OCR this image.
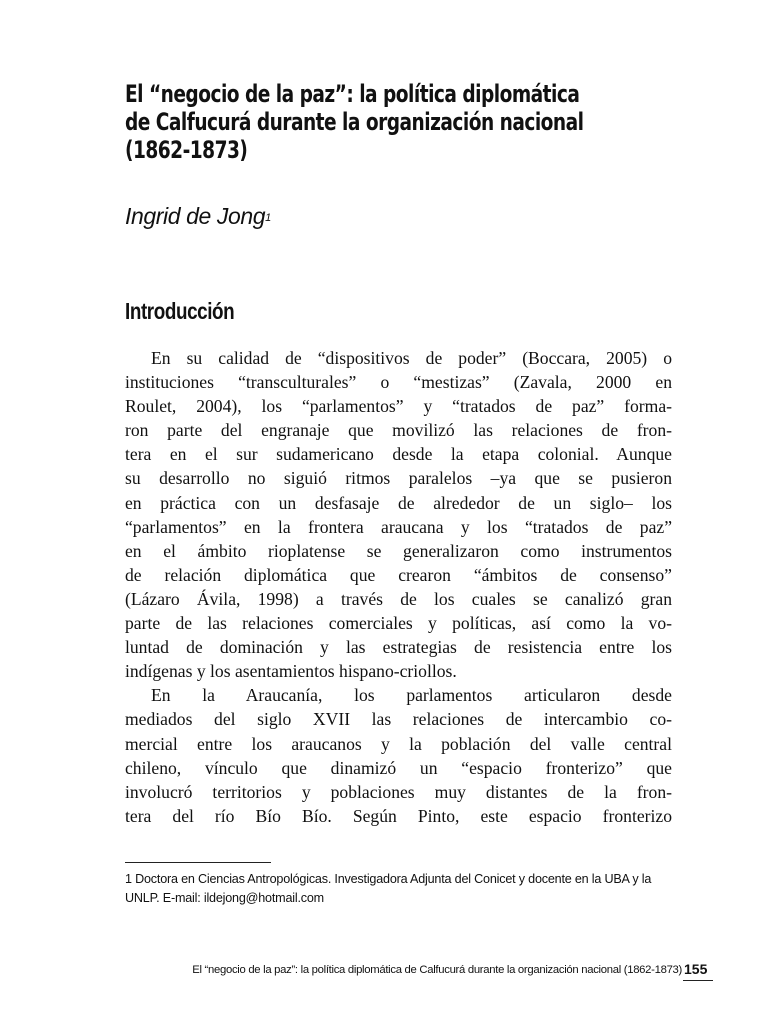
El “negocio de la paz”: la política diplomática
de Calfucurá durante la organización nacional
(1862-1873)
Ingrid de Jong$^1$
Introducción
En su calidad de “dispositivos de poder” (Boccara, 2005) o
instituciones “transculturales” o “mestizas” (Zavala, 2000 en
Roulet, 2004), los “parlamentos” y “tratados de paz” forma-
ron parte del engranaje que movilizó las relaciones de fron-
tera en el sur sudamericano desde la etapa colonial. Aunque
su desarrollo no siguió ritmos paralelos –ya que se pusieron
en práctica con un desfasaje de alrededor de un siglo– los
“parlamentos” en la frontera araucana y los “tratados de paz”
en el ámbito rioplatense se generalizaron como instrumentos
de relación diplomática que crearon “ámbitos de consenso”
(Lázaro Ávila, 1998) a través de los cuales se canalizó gran
parte de las relaciones comerciales y políticas, así como la vo-
luntad de dominación y las estrategias de resistencia entre los
indígenas y los asentamientos hispano-criollos.
En la Araucanía, los parlamentos articularon desde
mediados del siglo XVII las relaciones de intercambio co-
mercial entre los araucanos y la población del valle central
chileno, vínculo que dinamizó un “espacio fronterizo” que
involucró territorios y poblaciones muy distantes de la fron-
tera del río Bío Bío. Según Pinto, este espacio fronterizo
1 Doctora en Ciencias Antropológicas. Investigadora Adjunta del Conicet y docente en la UBA y la
UNLP. E-mail: ildejong@hotmail.com
El “negocio de la paz”: la política diplomática de Calfucurá durante la organización nacional (1862-1873) 155
